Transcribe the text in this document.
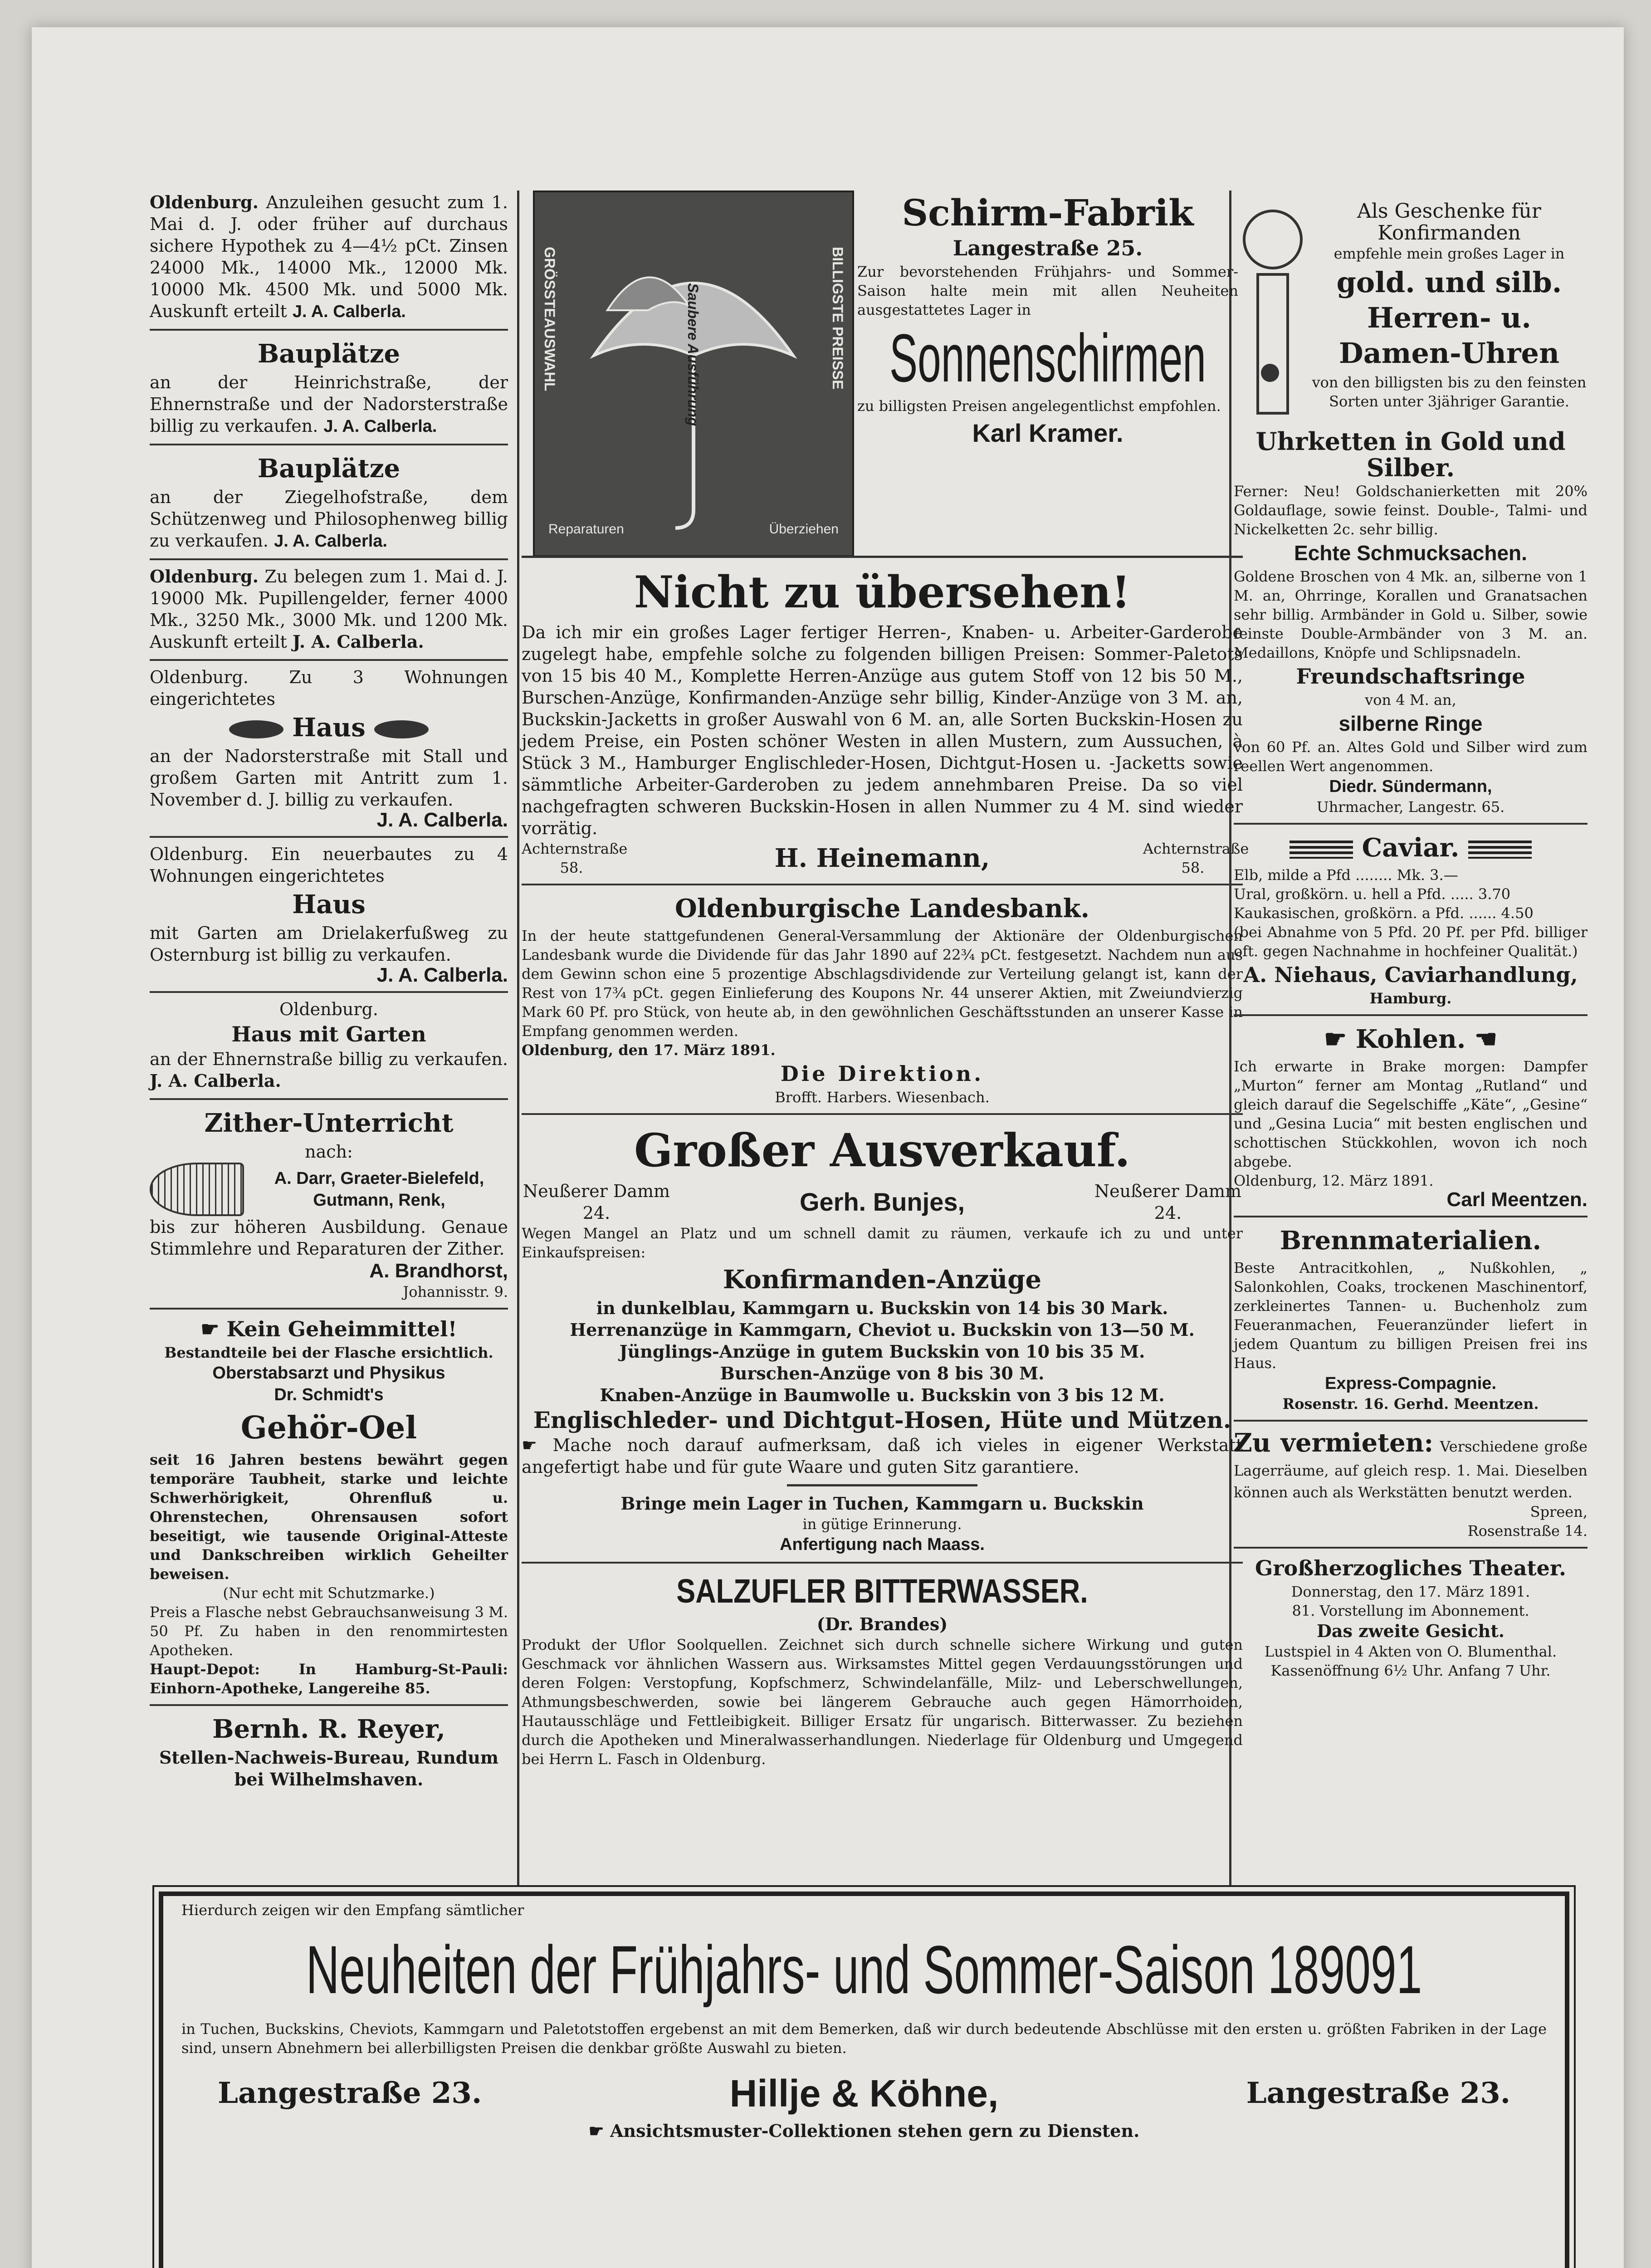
Oldenburg. Anzuleihen gesucht zum 1. Mai d. J. oder früher auf durchaus sichere Hypothek zu 4—4½ pCt. Zinsen 24000 Mk., 14000 Mk., 12000 Mk. 10000 Mk. 4500 Mk. und 5000 Mk. Auskunft erteilt J. A. Calberla.

Bauplätze

an der Heinrichstraße, der Ehnernstraße und der Nadorsterstraße billig zu verkaufen. J. A. Calberla.

Bauplätze

an der Ziegelhofstraße, dem Schützenweg und Philosophenweg billig zu verkaufen. J. A. Calberla.

Oldenburg. Zu belegen zum 1. Mai d. J. 19000 Mk. Pupillengelder, ferner 4000 Mk., 3250 Mk., 3000 Mk. und 1200 Mk. Auskunft erteilt J. A. Calberla.

Oldenburg. Zu 3 Wohnungen eingerichtetes

Haus

an der Nadorsterstraße mit Stall und großem Garten mit Antritt zum 1. November d. J. billig zu verkaufen.

J. A. Calberla.

Oldenburg. Ein neuerbautes zu 4 Wohnungen eingerichtetes

Haus

mit Garten am Drielakerfußweg zu Osternburg ist billig zu verkaufen.

J. A. Calberla.

Oldenburg.

Haus mit Garten

an der Ehnernstraße billig zu verkaufen. J. A. Calberla.

Zither-Unterricht

nach:

A. Darr, Graeter-Bielefeld, Gutmann, Renk,

bis zur höheren Ausbildung. Genaue Stimmlehre und Reparaturen der Zither.

A. Brandhorst,
Johannisstr. 9.
☛ Kein Geheimmittel!

Bestandteile bei der Flasche ersichtlich.

Oberstabsarzt und Physikus

Dr. Schmidt's

Gehör-Oel

seit 16 Jahren bestens bewährt gegen temporäre Taubheit, starke und leichte Schwerhörigkeit, Ohrenfluß u. Ohrenstechen, Ohrensausen sofort beseitigt, wie tausende Original-Atteste und Dankschreiben wirklich Geheilter beweisen.

(Nur echt mit Schutzmarke.)

Preis a Flasche nebst Gebrauchsanweisung 3 M. 50 Pf. Zu haben in den renommirtesten Apotheken.

Haupt-Depot: In Hamburg-St-Pauli: Einhorn-Apotheke, Langereihe 85.

Bernh. R. Reyer,

Stellen-Nachweis-Bureau, Rundum bei Wilhelmshaven.

GRÖSSTEAUSWAHL	BILLIGSTE PREISSE
Saubere Ausführung
Reparaturen	Überziehen
Schirm-Fabrik
Langestraße 25.

Zur bevorstehenden Frühjahrs- und Sommer-Saison halte mein mit allen Neuheiten ausgestattetes Lager in

Sonnenschirmen

zu billigsten Preisen angelegentlichst empfohlen.

Karl Kramer.
Nicht zu übersehen!

Da ich mir ein großes Lager fertiger Herren-, Knaben- u. Arbeiter-Garderobe zugelegt habe, empfehle solche zu folgenden billigen Preisen: Sommer-Paletots von 15 bis 40 M., Komplette Herren-Anzüge aus gutem Stoff von 12 bis 50 M., Burschen-Anzüge, Konfirmanden-Anzüge sehr billig, Kinder-Anzüge von 3 M. an, Buckskin-Jacketts in großer Auswahl von 6 M. an, alle Sorten Buckskin-Hosen zu jedem Preise, ein Posten schöner Westen in allen Mustern, zum Aussuchen, à Stück 3 M., Hamburger Englischleder-Hosen, Dichtgut-Hosen u. -Jacketts sowie sämmtliche Arbeiter-Garderoben zu jedem annehmbaren Preise. Da so viel nachgefragten schweren Buckskin-Hosen in allen Nummer zu 4 M. sind wieder vorrätig.

Achternstraße 58.	H. Heinemann,	Achternstraße 58.
Oldenburgische Landesbank.

In der heute stattgefundenen General-Versammlung der Aktionäre der Oldenburgischen Landesbank wurde die Dividende für das Jahr 1890 auf 22¾ pCt. festgesetzt. Nachdem nun aus dem Gewinn schon eine 5 prozentige Abschlagsdividende zur Verteilung gelangt ist, kann der Rest von 17¾ pCt. gegen Einlieferung des Koupons Nr. 44 unserer Aktien, mit Zweiundvierzig Mark 60 Pf. pro Stück, von heute ab, in den gewöhnlichen Geschäftsstunden an unserer Kasse in Empfang genommen werden.

Oldenburg, den 17. März 1891.

Die Direktion.

Brofft. Harbers. Wiesenbach.

Großer Ausverkauf.
Neußerer Damm 24.	Gerh. Bunjes,	Neußerer Damm 24.

Wegen Mangel an Platz und um schnell damit zu räumen, verkaufe ich zu und unter Einkaufspreisen:

Konfirmanden-Anzüge

in dunkelblau, Kammgarn u. Buckskin von 14 bis 30 Mark.

Herrenanzüge in Kammgarn, Cheviot u. Buckskin von 13—50 M.

Jünglings-Anzüge in gutem Buckskin von 10 bis 35 M.

Burschen-Anzüge von 8 bis 30 M.

Knaben-Anzüge in Baumwolle u. Buckskin von 3 bis 12 M.

Englischleder- und Dichtgut-Hosen, Hüte und Mützen.

☛ Mache noch darauf aufmerksam, daß ich vieles in eigener Werkstatt angefertigt habe und für gute Waare und guten Sitz garantiere.

Bringe mein Lager in Tuchen, Kammgarn u. Buckskin

in gütige Erinnerung.

Anfertigung nach Maass.

SALZUFLER BITTERWASSER.

(Dr. Brandes)

Produkt der Uflor Soolquellen. Zeichnet sich durch schnelle sichere Wirkung und guten Geschmack vor ähnlichen Wassern aus. Wirksamstes Mittel gegen Verdauungsstörungen und deren Folgen: Verstopfung, Kopfschmerz, Schwindelanfälle, Milz- und Leberschwellungen, Athmungsbeschwerden, sowie bei längerem Gebrauche auch gegen Hämorrhoiden, Hautausschläge und Fettleibigkeit. Billiger Ersatz für ungarisch. Bitterwasser. Zu beziehen durch die Apotheken und Mineralwasserhandlungen. Niederlage für Oldenburg und Umgegend bei Herrn L. Fasch in Oldenburg.

Als Geschenke für Konfirmanden

empfehle mein großes Lager in

gold. und silb. Herren- u. Damen-Uhren

von den billigsten bis zu den feinsten Sorten unter 3jähriger Garantie.

Uhrketten in Gold und Silber.

Ferner: Neu! Goldschanierketten mit 20% Goldauflage, sowie feinst. Double-, Talmi- und Nickelketten 2c. sehr billig.

Echte Schmucksachen.

Goldene Broschen von 4 Mk. an, silberne von 1 M. an, Ohrringe, Korallen und Granatsachen sehr billig. Armbänder in Gold u. Silber, sowie feinste Double-Armbänder von 3 M. an. Medaillons, Knöpfe und Schlipsnadeln.

Freundschaftsringe

von 4 M. an,

silberne Ringe

von 60 Pf. an. Altes Gold und Silber wird zum reellen Wert angenommen.

Diedr. Sündermann,
Uhrmacher, Langestr. 65.
Caviar.

Elb, milde a Pfd ........ Mk. 3.—

Ural, großkörn. u. hell a Pfd. ..... 3.70

Kaukasischen, großkörn. a Pfd. ...... 4.50

(bei Abnahme von 5 Pfd. 20 Pf. per Pfd. billiger oft. gegen Nachnahme in hochfeiner Qualität.)

A. Niehaus, Caviarhandlung,

Hamburg.

☛ Kohlen. ☚

Ich erwarte in Brake morgen: Dampfer „Murton“ ferner am Montag „Rutland“ und gleich darauf die Segelschiffe „Käte“, „Gesine“ und „Gesina Lucia“ mit besten englischen und schottischen Stückkohlen, wovon ich noch abgebe.

Oldenburg, 12. März 1891.

Carl Meentzen.
Brennmaterialien.

Beste Antracitkohlen, „ Nußkohlen, „ Salonkohlen, Coaks, trockenen Maschinentorf, zerkleinertes Tannen- u. Buchenholz zum Feueranmachen, Feueranzünder liefert in jedem Quantum zu billigen Preisen frei ins Haus.

Express-Compagnie.
Rosenstr. 16. Gerhd. Meentzen.

Zu vermieten: Verschiedene große Lagerräume, auf gleich resp. 1. Mai. Dieselben können auch als Werkstätten benutzt werden.

Spreen,
Rosenstraße 14.
Großherzogliches Theater.

Donnerstag, den 17. März 1891.

81. Vorstellung im Abonnement.

Das zweite Gesicht.

Lustspiel in 4 Akten von O. Blumenthal.

Kassenöffnung 6½ Uhr. Anfang 7 Uhr.

Hierdurch zeigen wir den Empfang sämtlicher

Neuheiten der Frühjahrs- und Sommer-Saison 189091

in Tuchen, Buckskins, Cheviots, Kammgarn und Paletotstoffen ergebenst an mit dem Bemerken, daß wir durch bedeutende Abschlüsse mit den ersten u. größten Fabriken in der Lage sind, unsern Abnehmern bei allerbilligsten Preisen die denkbar größte Auswahl zu bieten.

Langestraße 23.	Hillje & Köhne,	Langestraße 23.

☛ Ansichtsmuster-Collektionen stehen gern zu Diensten.
